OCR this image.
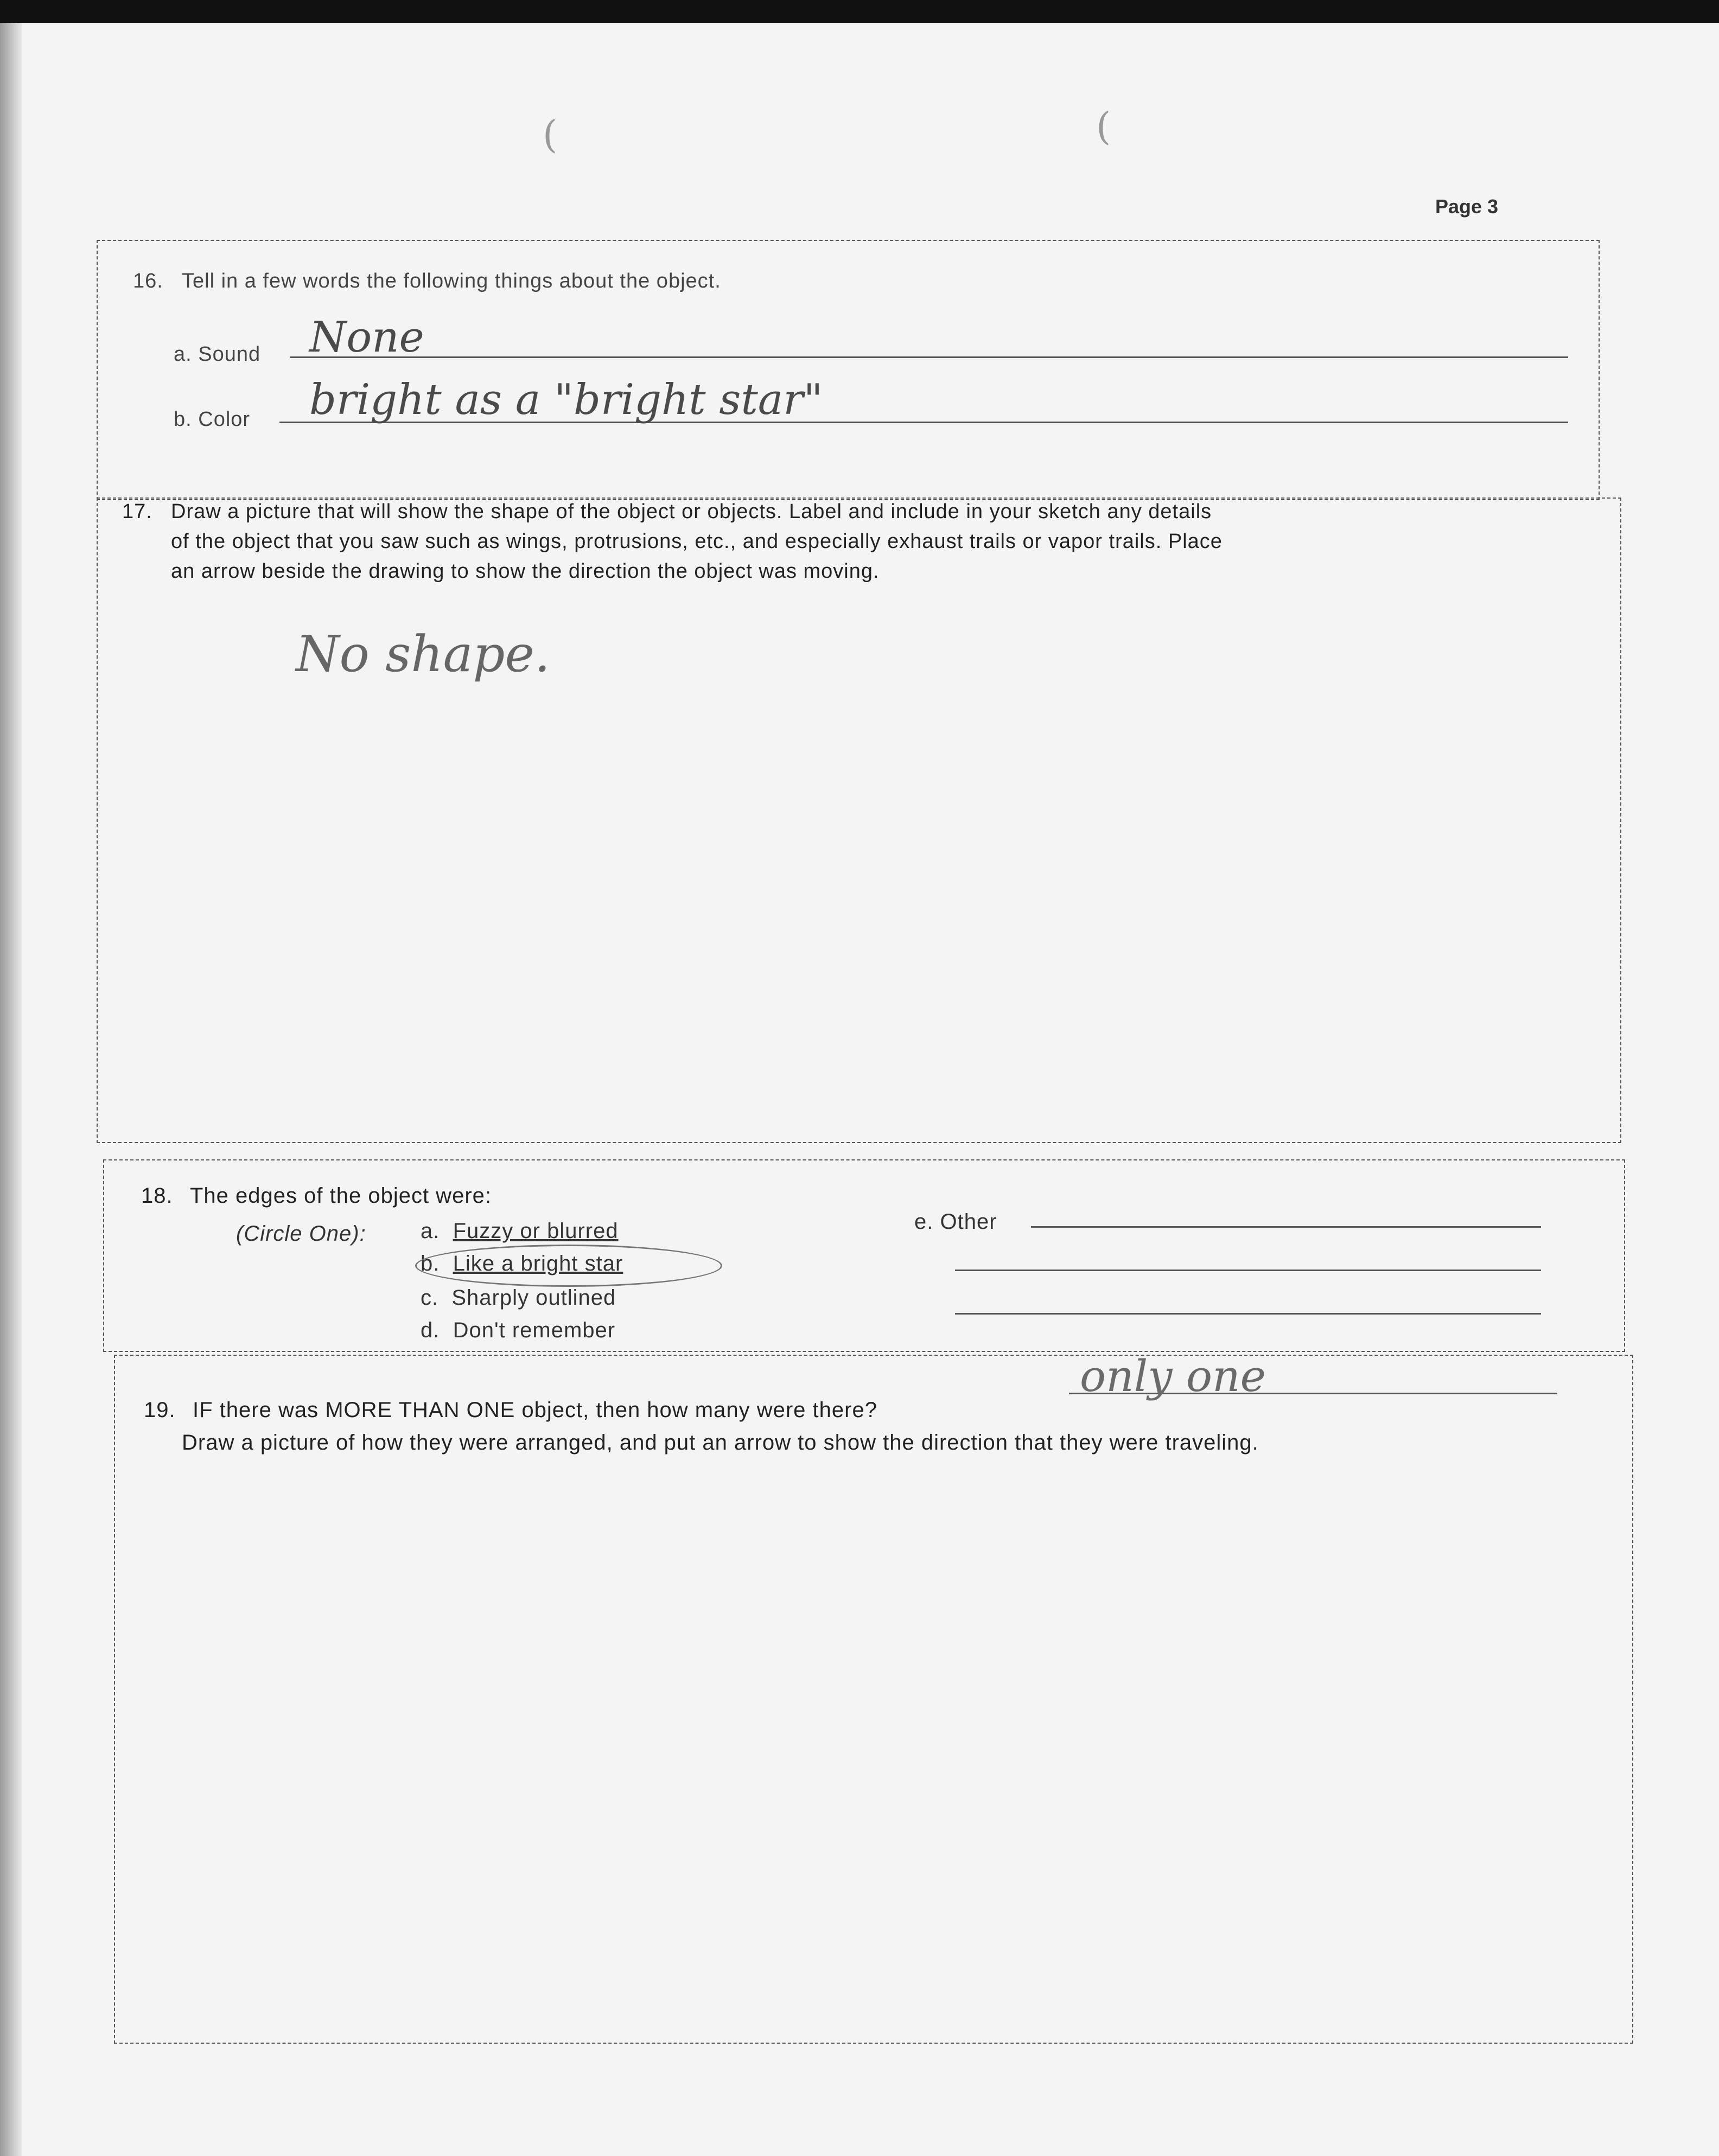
(	(
Page 3
16. Tell in a few words the following things about the object.
a. Sound None
b. Color bright as a "bright star"
17. Draw a picture that will show the shape of the object or objects. Label and include in your sketch any details
of the object that you saw such as wings, protrusions, etc., and especially exhaust trails or vapor trails. Place
an arrow beside the drawing to show the direction the object was moving.
No shape.
18. The edges of the object were:
(Circle One):	a. Fuzzy or blurred
b. Like a bright star
c. Sharply outlined
d. Don't remember
e. Other
19. IF there was MORE THAN ONE object, then how many were there?
only one
Draw a picture of how they were arranged, and put an arrow to show the direction that they were traveling.
